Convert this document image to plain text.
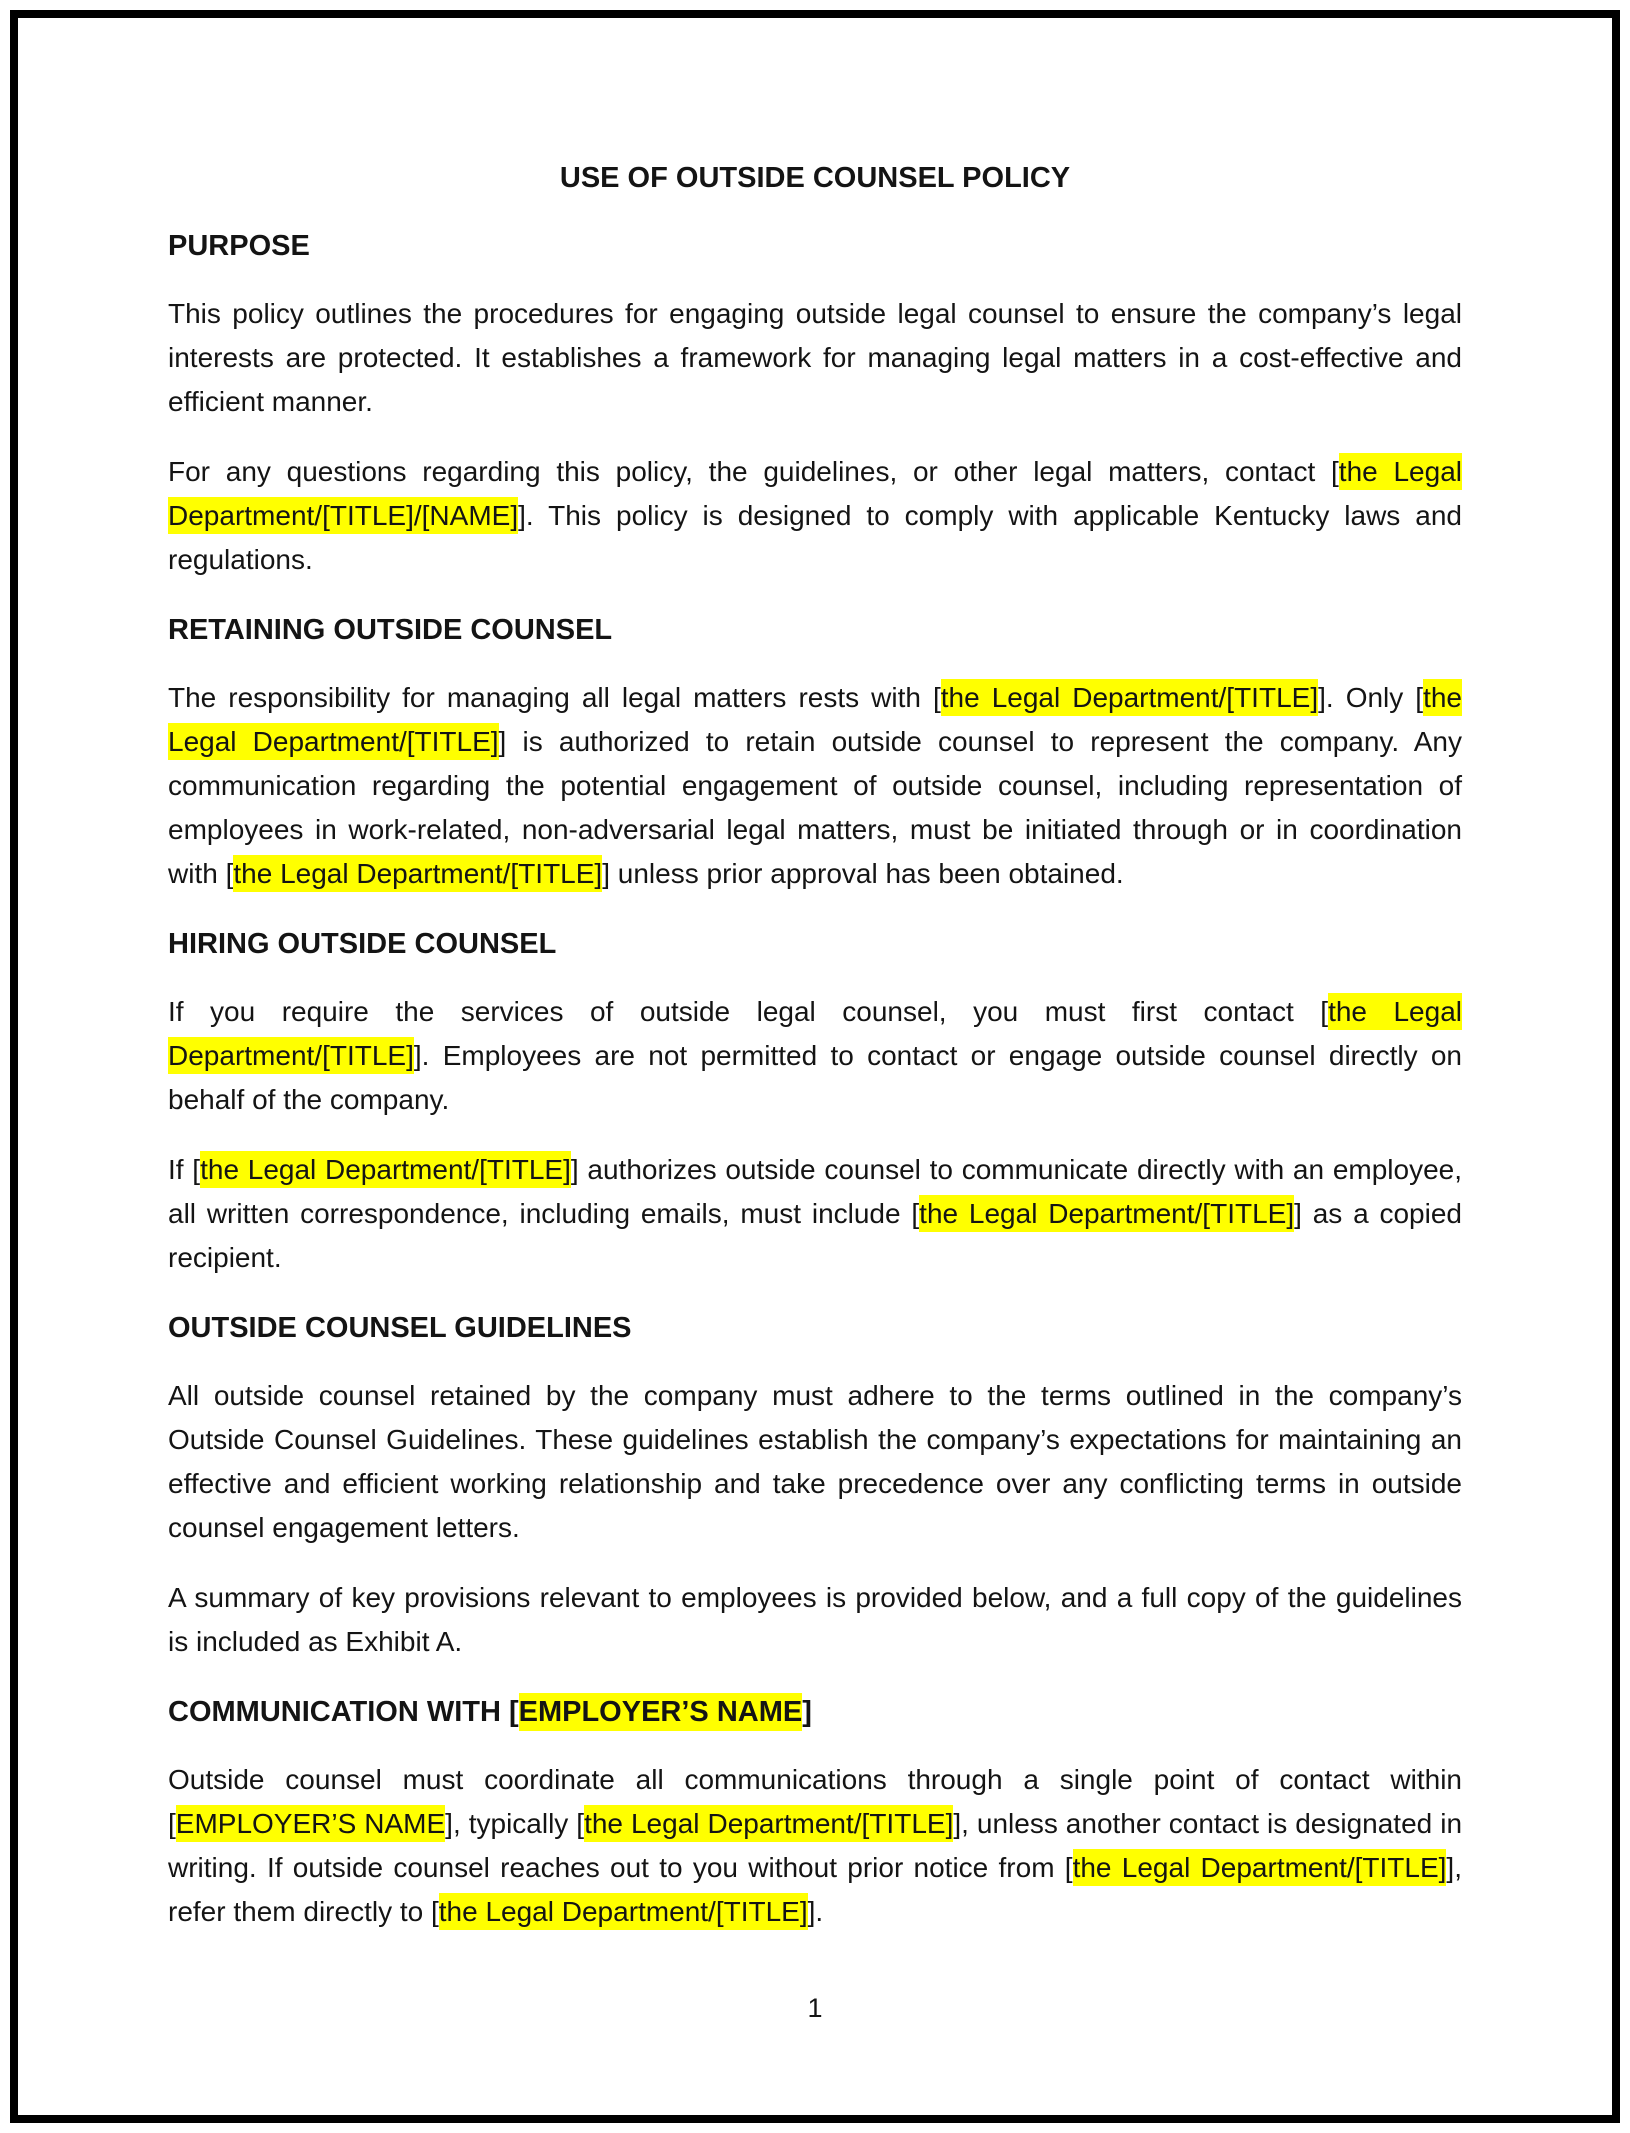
USE OF OUTSIDE COUNSEL POLICY
PURPOSE

This policy outlines the procedures for engaging outside legal counsel to ensure the company’s legal interests are protected. It establishes a framework for managing legal matters in a cost-effective and efficient manner.

For any questions regarding this policy, the guidelines, or other legal matters, contact [the Legal Department/[TITLE]/[NAME]]. This policy is designed to comply with applicable Kentucky laws and regulations.

RETAINING OUTSIDE COUNSEL

The responsibility for managing all legal matters rests with [the Legal Department/[TITLE]]. Only [the Legal Department/[TITLE]] is authorized to retain outside counsel to represent the company. Any communication regarding the potential engagement of outside counsel, including representation of employees in work-related, non-adversarial legal matters, must be initiated through or in coordination with [the Legal Department/[TITLE]] unless prior approval has been obtained.

HIRING OUTSIDE COUNSEL

If you require the services of outside legal counsel, you must first contact [the Legal Department/[TITLE]]. Employees are not permitted to contact or engage outside counsel directly on behalf of the company.

If [the Legal Department/[TITLE]] authorizes outside counsel to communicate directly with an employee, all written correspondence, including emails, must include [the Legal Department/[TITLE]] as a copied recipient.

OUTSIDE COUNSEL GUIDELINES

All outside counsel retained by the company must adhere to the terms outlined in the company’s Outside Counsel Guidelines. These guidelines establish the company’s expectations for maintaining an effective and efficient working relationship and take precedence over any conflicting terms in outside counsel engagement letters.

A summary of key provisions relevant to employees is provided below, and a full copy of the guidelines is included as Exhibit A.

COMMUNICATION WITH [EMPLOYER’S NAME]

Outside counsel must coordinate all communications through a single point of contact within [EMPLOYER’S NAME], typically [the Legal Department/[TITLE]], unless another contact is designated in writing. If outside counsel reaches out to you without prior notice from [the Legal Department/[TITLE]], refer them directly to [the Legal Department/[TITLE]].

1
